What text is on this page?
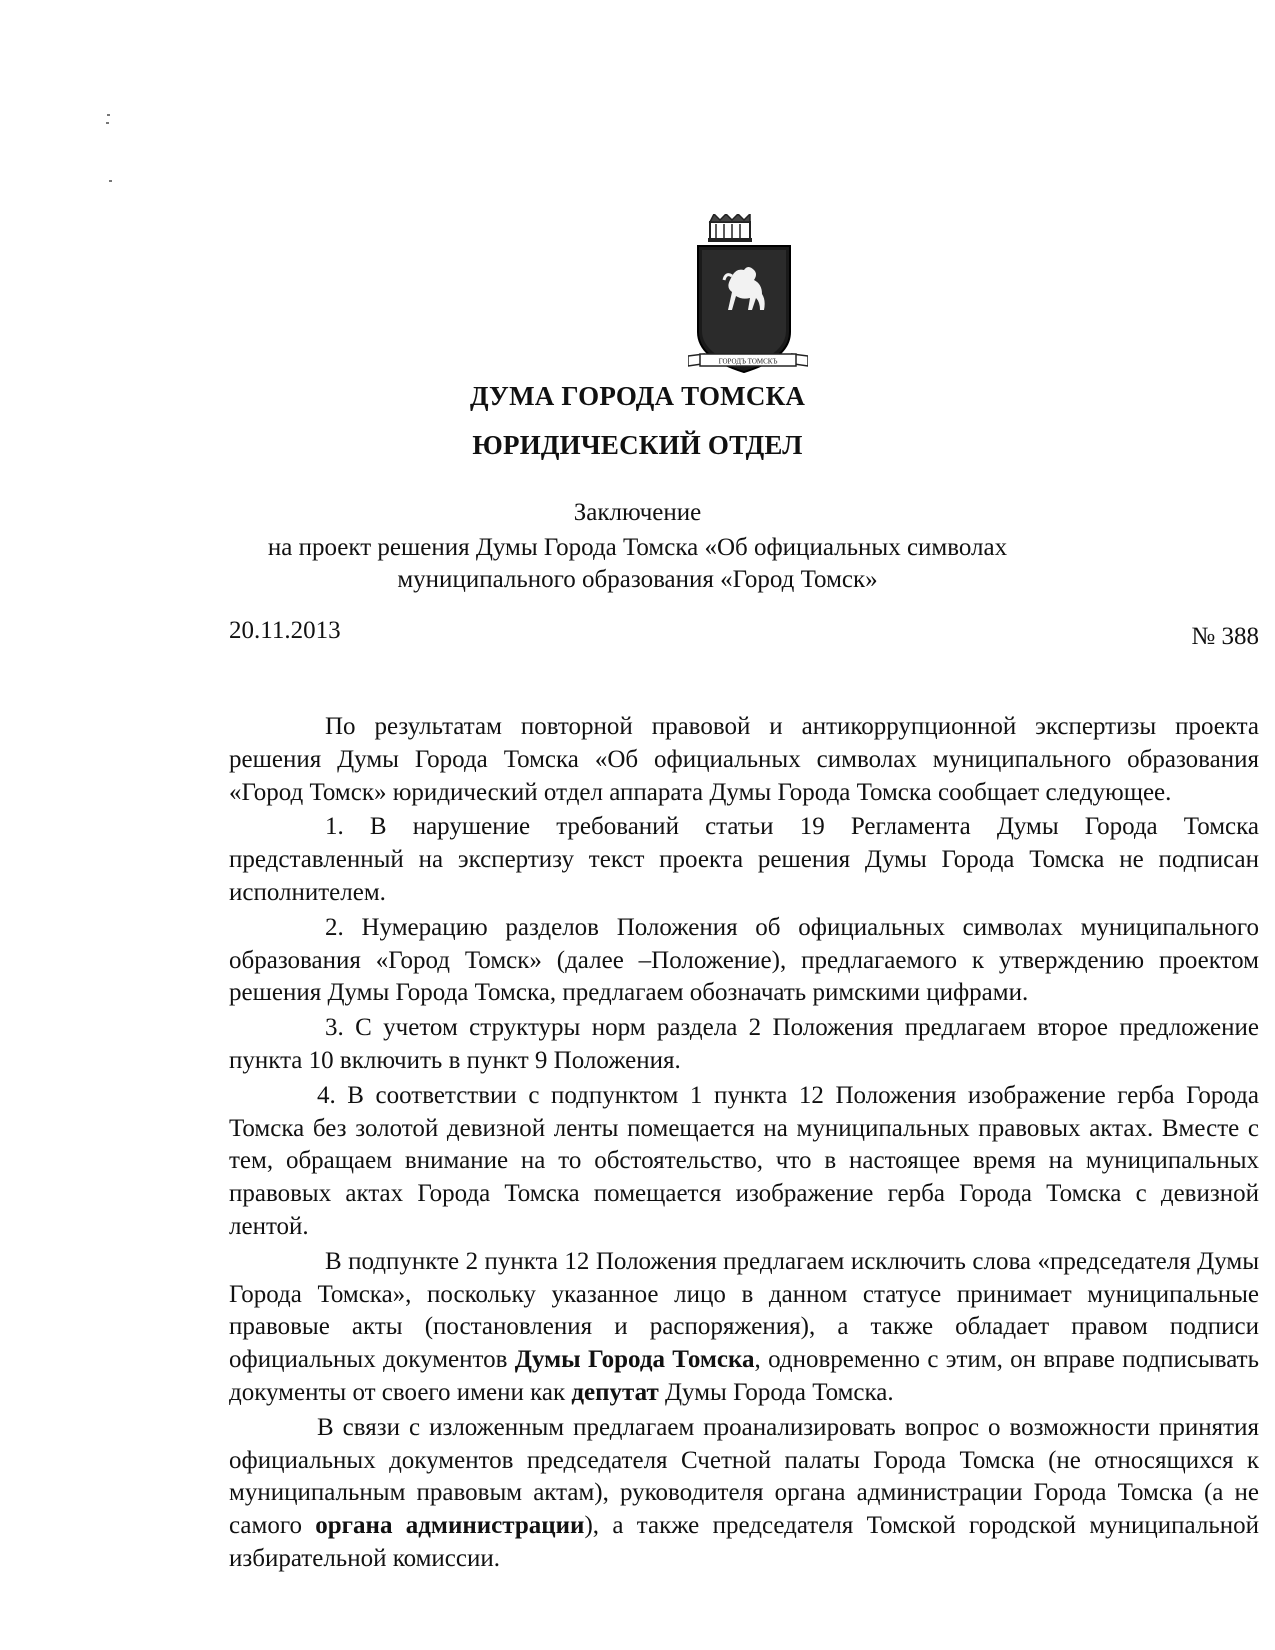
ГОРОДЪ ТОМСКЪ
ДУМА ГОРОДА ТОМСКА
ЮРИДИЧЕСКИЙ ОТДЕЛ
Заключение
на проект решения Думы Города Томска «Об официальных символах
муниципального образования «Город Томск»
20.11.2013	№ 388

По результатам повторной правовой и антикоррупционной экспертизы проекта решения Думы Города Томска «Об официальных символах муниципального образования «Город Томск» юридический отдел аппарата Думы Города Томска сообщает следующее.

1. В нарушение требований статьи 19 Регламента Думы Города Томска представленный на экспертизу текст проекта решения Думы Города Томска не подписан исполнителем.

2. Нумерацию разделов Положения об официальных символах муниципального образования «Город Томск» (далее –Положение), предлагаемого к утверждению проектом решения Думы Города Томска, предлагаем обозначать римскими цифрами.

3. С учетом структуры норм раздела 2 Положения предлагаем второе предложение пункта 10 включить в пункт 9 Положения.

4. В соответствии с подпунктом 1 пункта 12 Положения изображение герба Города Томска без золотой девизной ленты помещается на муниципальных правовых актах. Вместе с тем, обращаем внимание на то обстоятельство, что в настоящее время на муниципальных правовых актах Города Томска помещается изображение герба Города Томска с девизной лентой.

В подпункте 2 пункта 12 Положения предлагаем исключить слова «председателя Думы Города Томска», поскольку указанное лицо в данном статусе принимает муниципальные правовые акты (постановления и распоряжения), а также обладает правом подписи официальных документов Думы Города Томска, одновременно с этим, он вправе подписывать документы от своего имени как депутат Думы Города Томска.

В связи с изложенным предлагаем проанализировать вопрос о возможности принятия официальных документов председателя Счетной палаты Города Томска (не относящихся к муниципальным правовым актам), руководителя органа администрации Города Томска (а не самого органа администрации), а также председателя Томской городской муниципальной избирательной комиссии.
